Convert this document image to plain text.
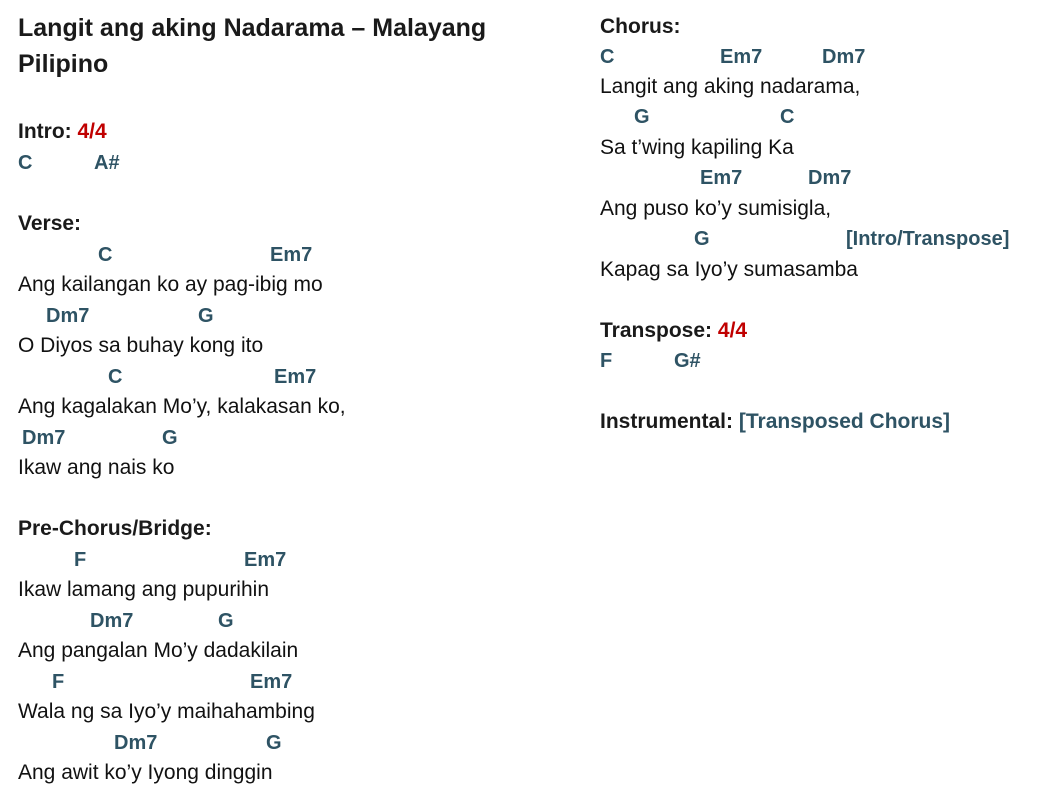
Langit ang aking Nadarama – Malayang Pilipino
Intro: 4/4
C	A#
Verse:
C	Em7
Ang kailangan ko ay pag-ibig mo
Dm7	G
O Diyos sa buhay kong ito
C	Em7
Ang kagalakan Mo’y, kalakasan ko,
Dm7	G
Ikaw ang nais ko
Pre-Chorus/Bridge:
F	Em7
Ikaw lamang ang pupurihin
Dm7	G
Ang pangalan Mo’y dadakilain
F	Em7
Wala ng sa Iyo’y maihahambing
Dm7	G
Ang awit ko’y Iyong dinggin
Chorus:
C	Em7	Dm7
Langit ang aking nadarama,
G	C
Sa t’wing kapiling Ka
Em7	Dm7
Ang puso ko’y sumisigla,
G	[Intro/Transpose]
Kapag sa Iyo’y sumasamba
Transpose: 4/4
F	G#
Instrumental: [Transposed Chorus]
